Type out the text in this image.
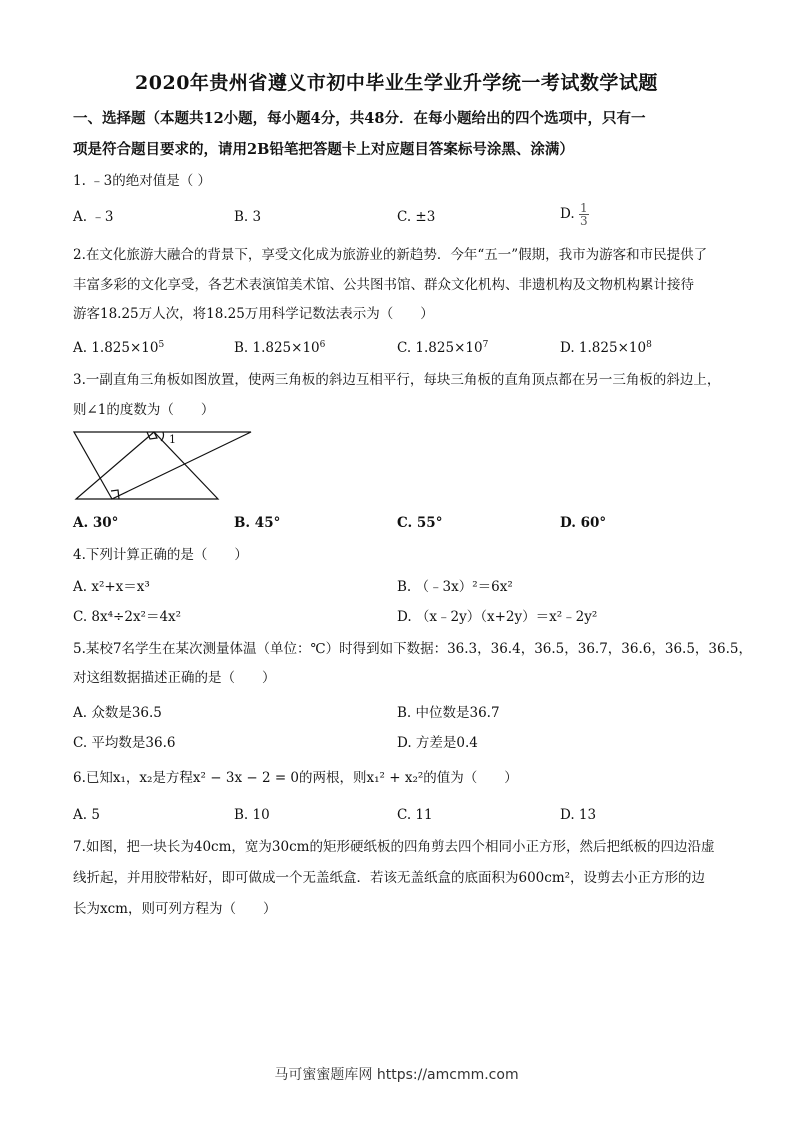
2020年贵州省遵义市初中毕业生学业升学统一考试数学试题
一、选择题（本题共12小题，每小题4分，共48分．在每小题给出的四个选项中，只有一
项是符合题目要求的，请用2B铅笔把答题卡上对应题目答案标号涂黑、涂满）
1. ﹣3的绝对值是（ ）
A. ﹣3	B. 3	C. ±3	D. $\frac{1}{3}$
2.在文化旅游大融合的背景下，享受文化成为旅游业的新趋势．今年“五一”假期，我市为游客和市民提供了
丰富多彩的文化享受，各艺术表演馆美术馆、公共图书馆、群众文化机构、非遗机构及文物机构累计接待
游客18.25万人次，将18.25万用科学记数法表示为（　　）
A. $1.825\times 10^5$	B. $1.825\times 10^6$	C. $1.825\times 10^7$	D. $1.825\times 10^8$
3.一副直角三角板如图放置，使两三角板的斜边互相平行，每块三角板的直角顶点都在另一三角板的斜边上，
则∠1的度数为（　　）
1
A. 30°	B. 45°	C. 55°	D. 60°
4.下列计算正确的是（　　）
A. x²+x＝x³	B. （﹣3x）²＝6x²
C. 8x⁴÷2x²＝4x²	D. （x﹣2y）（x+2y）＝x²﹣2y²
5.某校7名学生在某次测量体温（单位：℃）时得到如下数据：36.3，36.4，36.5，36.7，36.6，36.5，36.5，
对这组数据描述正确的是（　　）
A. 众数是36.5	B. 中位数是36.7
C. 平均数是36.6	D. 方差是0.4
6.已知x₁，x₂是方程x² − 3x − 2 = 0的两根，则x₁² + x₂²的值为（　　）
A. 5	B. 10	C. 11	D. 13
7.如图，把一块长为40cm，宽为30cm的矩形硬纸板的四角剪去四个相同小正方形，然后把纸板的四边沿虚
线折起，并用胶带粘好，即可做成一个无盖纸盒．若该无盖纸盒的底面积为600cm²，设剪去小正方形的边
长为xcm，则可列方程为（　　）
马可蜜蜜题库网 https://amcmm.com
